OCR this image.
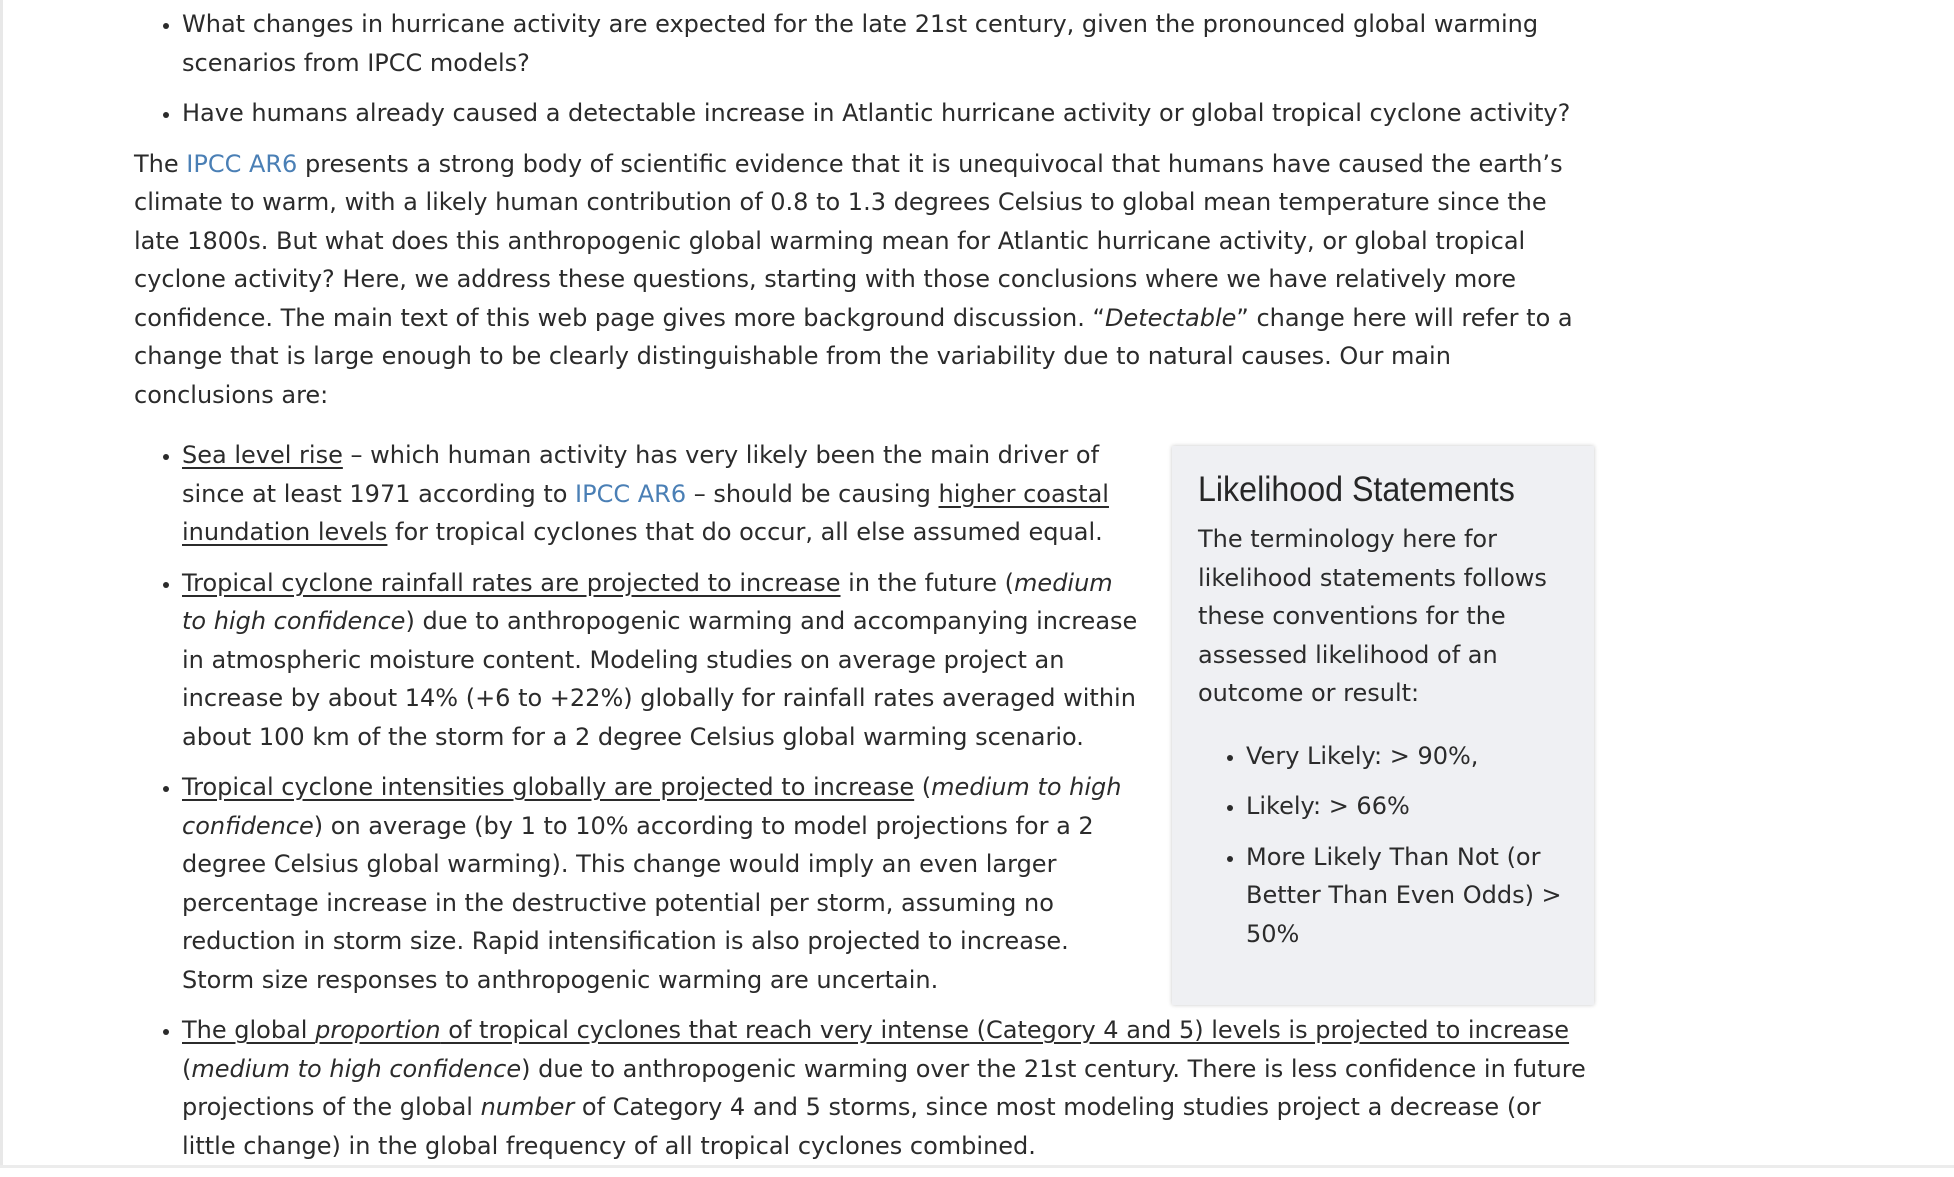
• What changes in hurricane activity are expected for the late 21st century, given the pronounced global warming scenarios from IPCC models?
• Have humans already caused a detectable increase in Atlantic hurricane activity or global tropical cyclone activity?

The IPCC AR6 presents a strong body of scientific evidence that it is unequivocal that humans have caused the earth’s climate to warm, with a likely human contribution of 0.8 to 1.3 degrees Celsius to global mean temperature since the late 1800s. But what does this anthropogenic global warming mean for Atlantic hurricane activity, or global tropical cyclone activity? Here, we address these questions, starting with those conclusions where we have relatively more confidence. The main text of this web page gives more background discussion. “Detectable” change here will refer to a change that is large enough to be clearly distinguishable from the variability due to natural causes. Our main conclusions are:

Likelihood Statements

The terminology here for likelihood statements follows these conventions for the assessed likelihood of an outcome or result:

• Very Likely: > 90%,
• Likely: > 66%
• More Likely Than Not (or Better Than Even Odds) > 50%
• Sea level rise – which human activity has very likely been the main driver of since at least 1971 according to IPCC AR6 – should be causing higher coastal inundation levels for tropical cyclones that do occur, all else assumed equal.
• Tropical cyclone rainfall rates are projected to increase in the future (medium to high confidence) due to anthropogenic warming and accompanying increase in atmospheric moisture content. Modeling studies on average project an increase by about 14% (+6 to +22%) globally for rainfall rates averaged within about 100 km of the storm for a 2 degree Celsius global warming scenario.
• Tropical cyclone intensities globally are projected to increase (medium to high confidence) on average (by 1 to 10% according to model projections for a 2 degree Celsius global warming). This change would imply an even larger percentage increase in the destructive potential per storm, assuming no reduction in storm size. Rapid intensification is also projected to increase. Storm size responses to anthropogenic warming are uncertain.
• The global proportion of tropical cyclones that reach very intense (Category 4 and 5) levels is projected to increase (medium to high confidence) due to anthropogenic warming over the 21st century. There is less confidence in future projections of the global number of Category 4 and 5 storms, since most modeling studies project a decrease (or little change) in the global frequency of all tropical cyclones combined.
